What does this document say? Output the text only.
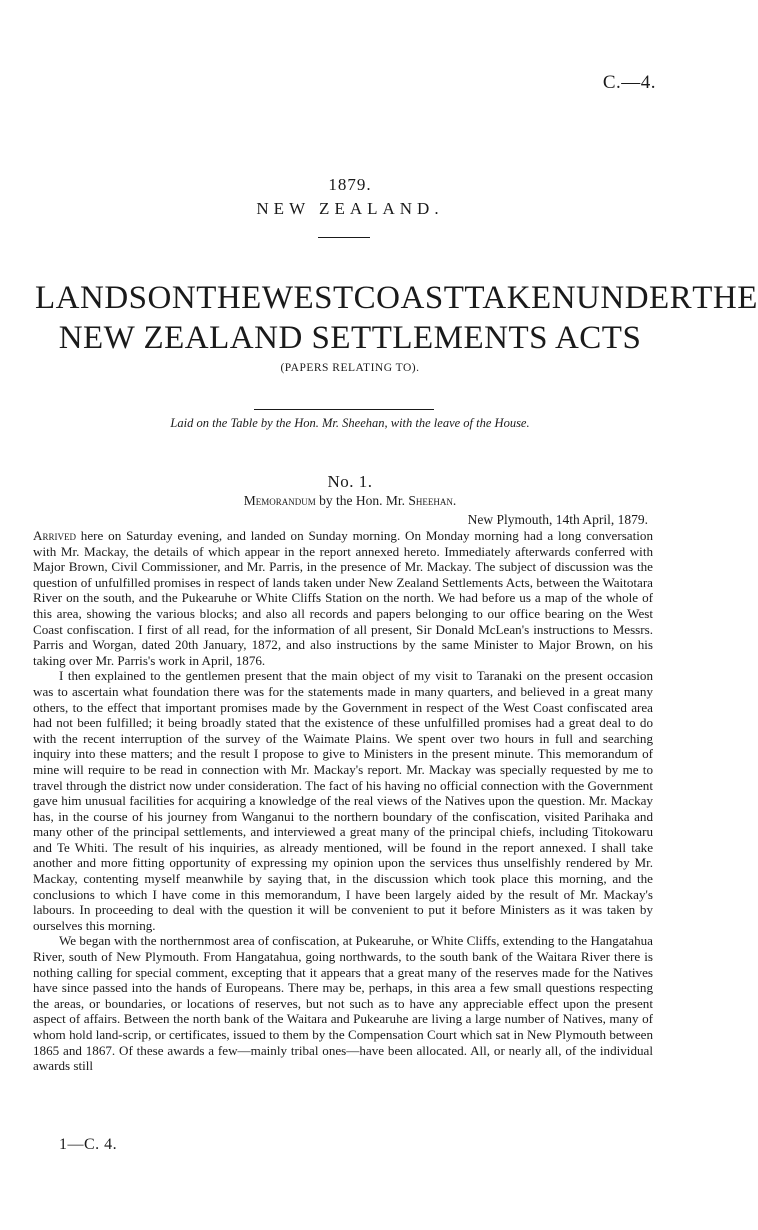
C.—4.
1879.
NEW ZEALAND.
LANDS ON THE WEST COAST TAKEN UNDER THE
NEW ZEALAND SETTLEMENTS ACTS
(PAPERS RELATING TO).
Laid on the Table by the Hon. Mr. Sheehan, with the leave of the House.
No. 1.
Memorandum by the Hon. Mr. Sheehan.
New Plymouth, 14th April, 1879.

Arrived here on Saturday evening, and landed on Sunday morning. On Monday morning had a long conversation with Mr. Mackay, the details of which appear in the report annexed hereto. Immediately afterwards conferred with Major Brown, Civil Commissioner, and Mr. Parris, in the presence of Mr. Mackay. The subject of discussion was the question of unfulfilled promises in respect of lands taken under New Zealand Settlements Acts, between the Waitotara River on the south, and the Pukearuhe or White Cliffs Station on the north. We had before us a map of the whole of this area, showing the various blocks; and also all records and papers belonging to our office bearing on the West Coast confiscation. I first of all read, for the information of all present, Sir Donald McLean's instructions to Messrs. Parris and Worgan, dated 20th January, 1872, and also instructions by the same Minister to Major Brown, on his taking over Mr. Parris's work in April, 1876.

I then explained to the gentlemen present that the main object of my visit to Taranaki on the present occasion was to ascertain what foundation there was for the statements made in many quarters, and believed in a great many others, to the effect that important promises made by the Government in respect of the West Coast confiscated area had not been fulfilled; it being broadly stated that the existence of these unfulfilled promises had a great deal to do with the recent interruption of the survey of the Waimate Plains. We spent over two hours in full and searching inquiry into these matters; and the result I propose to give to Ministers in the present minute. This memorandum of mine will require to be read in connection with Mr. Mackay's report. Mr. Mackay was specially requested by me to travel through the district now under consideration. The fact of his having no official connection with the Government gave him unusual facilities for acquiring a knowledge of the real views of the Natives upon the question. Mr. Mackay has, in the course of his journey from Wanganui to the northern boundary of the confiscation, visited Parihaka and many other of the principal settlements, and interviewed a great many of the principal chiefs, including Titokowaru and Te Whiti. The result of his inquiries, as already mentioned, will be found in the report annexed. I shall take another and more fitting opportunity of expressing my opinion upon the services thus unselfishly rendered by Mr. Mackay, contenting myself meanwhile by saying that, in the discussion which took place this morning, and the conclusions to which I have come in this memorandum, I have been largely aided by the result of Mr. Mackay's labours. In proceeding to deal with the question it will be convenient to put it before Ministers as it was taken by ourselves this morning.

We began with the northernmost area of confiscation, at Pukearuhe, or White Cliffs, extending to the Hangatahua River, south of New Plymouth. From Hangatahua, going northwards, to the south bank of the Waitara River there is nothing calling for special comment, excepting that it appears that a great many of the reserves made for the Natives have since passed into the hands of Europeans. There may be, perhaps, in this area a few small questions respecting the areas, or boundaries, or locations of reserves, but not such as to have any appreciable effect upon the present aspect of affairs. Between the north bank of the Waitara and Pukearuhe are living a large number of Natives, many of whom hold land-scrip, or certificates, issued to them by the Compensation Court which sat in New Plymouth between 1865 and 1867. Of these awards a few—mainly tribal ones—have been allocated. All, or nearly all, of the individual awards still

1—C. 4.
